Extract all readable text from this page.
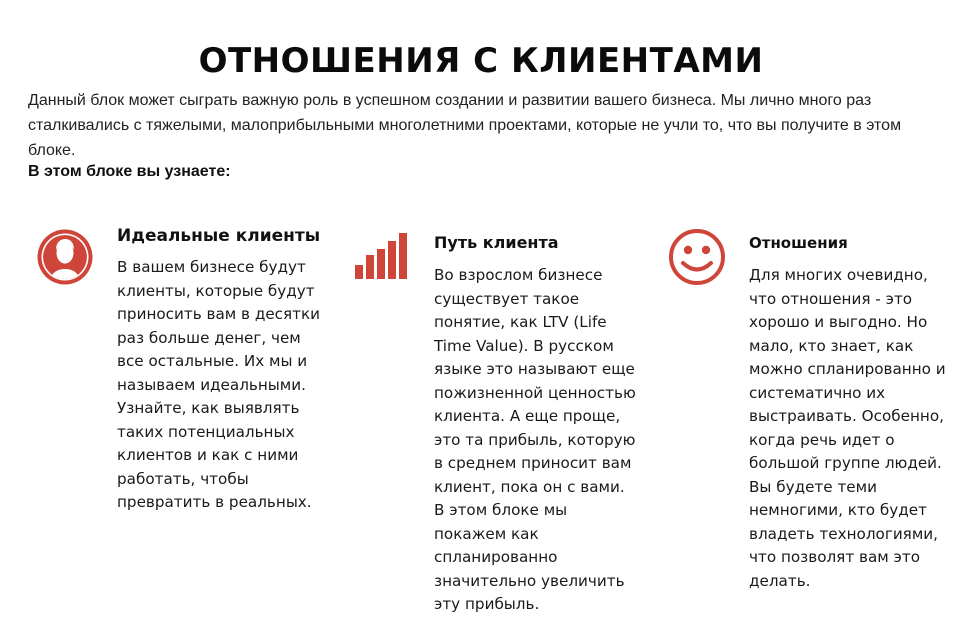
ОТНОШЕНИЯ С КЛИЕНТАМИ
Данный блок может сыграть важную роль в успешном создании и развитии вашего бизнеса. Мы лично много раз сталкивались с тяжелыми, малоприбыльными многолетними проектами, которые не учли то, что вы получите в этом блоке.
В этом блоке вы узнаете:
Идеальные клиенты

В вашем бизнесе будут клиенты, которые будут приносить вам в десятки раз больше денег, чем все остальные. Их мы и называем идеальными. Узнайте, как выявлять таких потенциальных клиентов и как с ними работать, чтобы превратить в реальных.

Путь клиента

Во взрослом бизнесе существует такое понятие, как LTV (Life Time Value). В русском языке это называют еще пожизненной ценностью клиента. А еще проще, это та прибыль, которую в среднем приносит вам клиент, пока он с вами. В этом блоке мы покажем как спланированно значительно увеличить эту прибыль.

Отношения

Для многих очевидно, что отношения - это хорошо и выгодно. Но мало, кто знает, как можно спланированно и систематично их выстраивать. Особенно, когда речь идет о большой группе людей. Вы будете теми немногими, кто будет владеть технологиями, что позволят вам это делать.
